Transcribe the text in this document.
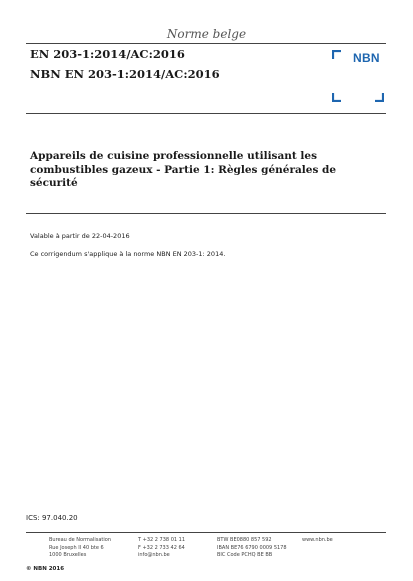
Norme belge
EN 203-1:2014/AC:2016
NBN EN 203-1:2014/AC:2016
NBN
Appareils de cuisine professionnelle utilisant les combustibles gazeux - Partie 1: Règles générales de sécurité
Valable à partir de 22-04-2016
Ce corrigendum s'applique à la norme NBN EN 203-1: 2014.
ICS: 97.040.20
Bureau de Normalisation
Rue Joseph II 40 bte 6
1000 Bruxelles
T +32 2 738 01 11
F +32 2 733 42 64
info@nbn.be
BTW BE0880 857 592
IBAN BE76 6790 0009 5178
BIC Code PCHQ BE BB
www.nbn.be
© NBN 2016
